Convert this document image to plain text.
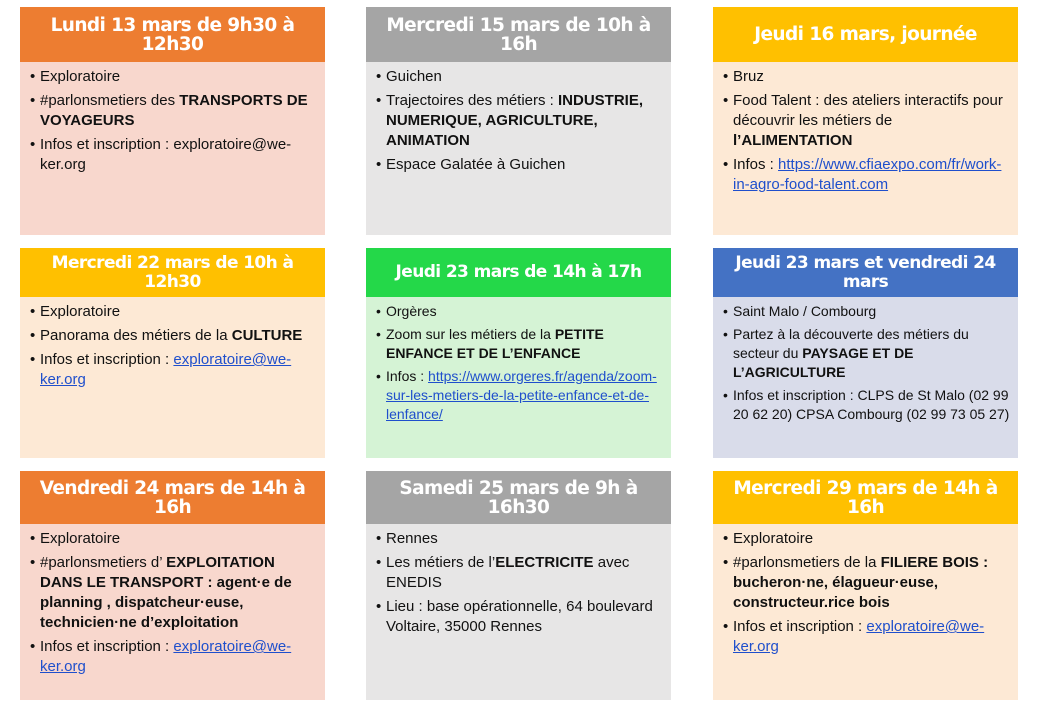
Lundi 13 mars de 9h30 à 12h30
• Exploratoire
• #parlonsmetiers des TRANSPORTS DE VOYAGEURS
• Infos et inscription : exploratoire@we-ker.org
Mercredi 15 mars de 10h à 16h
• Guichen
• Trajectoires des métiers : INDUSTRIE, NUMERIQUE, AGRICULTURE, ANIMATION
• Espace Galatée à Guichen
Jeudi 16 mars, journée
• Bruz
• Food Talent : des ateliers interactifs pour découvrir les métiers de l’ALIMENTATION
• Infos : https://www.cfiaexpo.com/fr/work-in-agro-food-talent.com
Mercredi 22 mars de 10h à 12h30
• Exploratoire
• Panorama des métiers de la CULTURE
• Infos et inscription : exploratoire@we-ker.org
Jeudi 23 mars de 14h à 17h
• Orgères
• Zoom sur les métiers de la PETITE ENFANCE ET DE L’ENFANCE
• Infos : https://www.orgeres.fr/agenda/zoom-sur-les-metiers-de-la-petite-enfance-et-de-lenfance/
Jeudi 23 mars et vendredi 24 mars
• Saint Malo / Combourg
• Partez à la découverte des métiers du secteur du PAYSAGE ET DE L’AGRICULTURE
• Infos et inscription : CLPS de St Malo (02 99 20 62 20) CPSA Combourg (02 99 73 05 27)
Vendredi 24 mars de 14h à 16h
• Exploratoire
• #parlonsmetiers d’ EXPLOITATION DANS LE TRANSPORT : agent·e de planning , dispatcheur·euse, technicien·ne d’exploitation
• Infos et inscription : exploratoire@we-ker.org
Samedi 25 mars de 9h à 16h30
• Rennes
• Les métiers de l’ELECTRICITE avec ENEDIS
• Lieu : base opérationnelle, 64 boulevard Voltaire, 35000 Rennes
Mercredi 29 mars de 14h à 16h
• Exploratoire
• #parlonsmetiers de la FILIERE BOIS : bucheron·ne, élagueur·euse, constructeur.rice bois
• Infos et inscription : exploratoire@we-ker.org
